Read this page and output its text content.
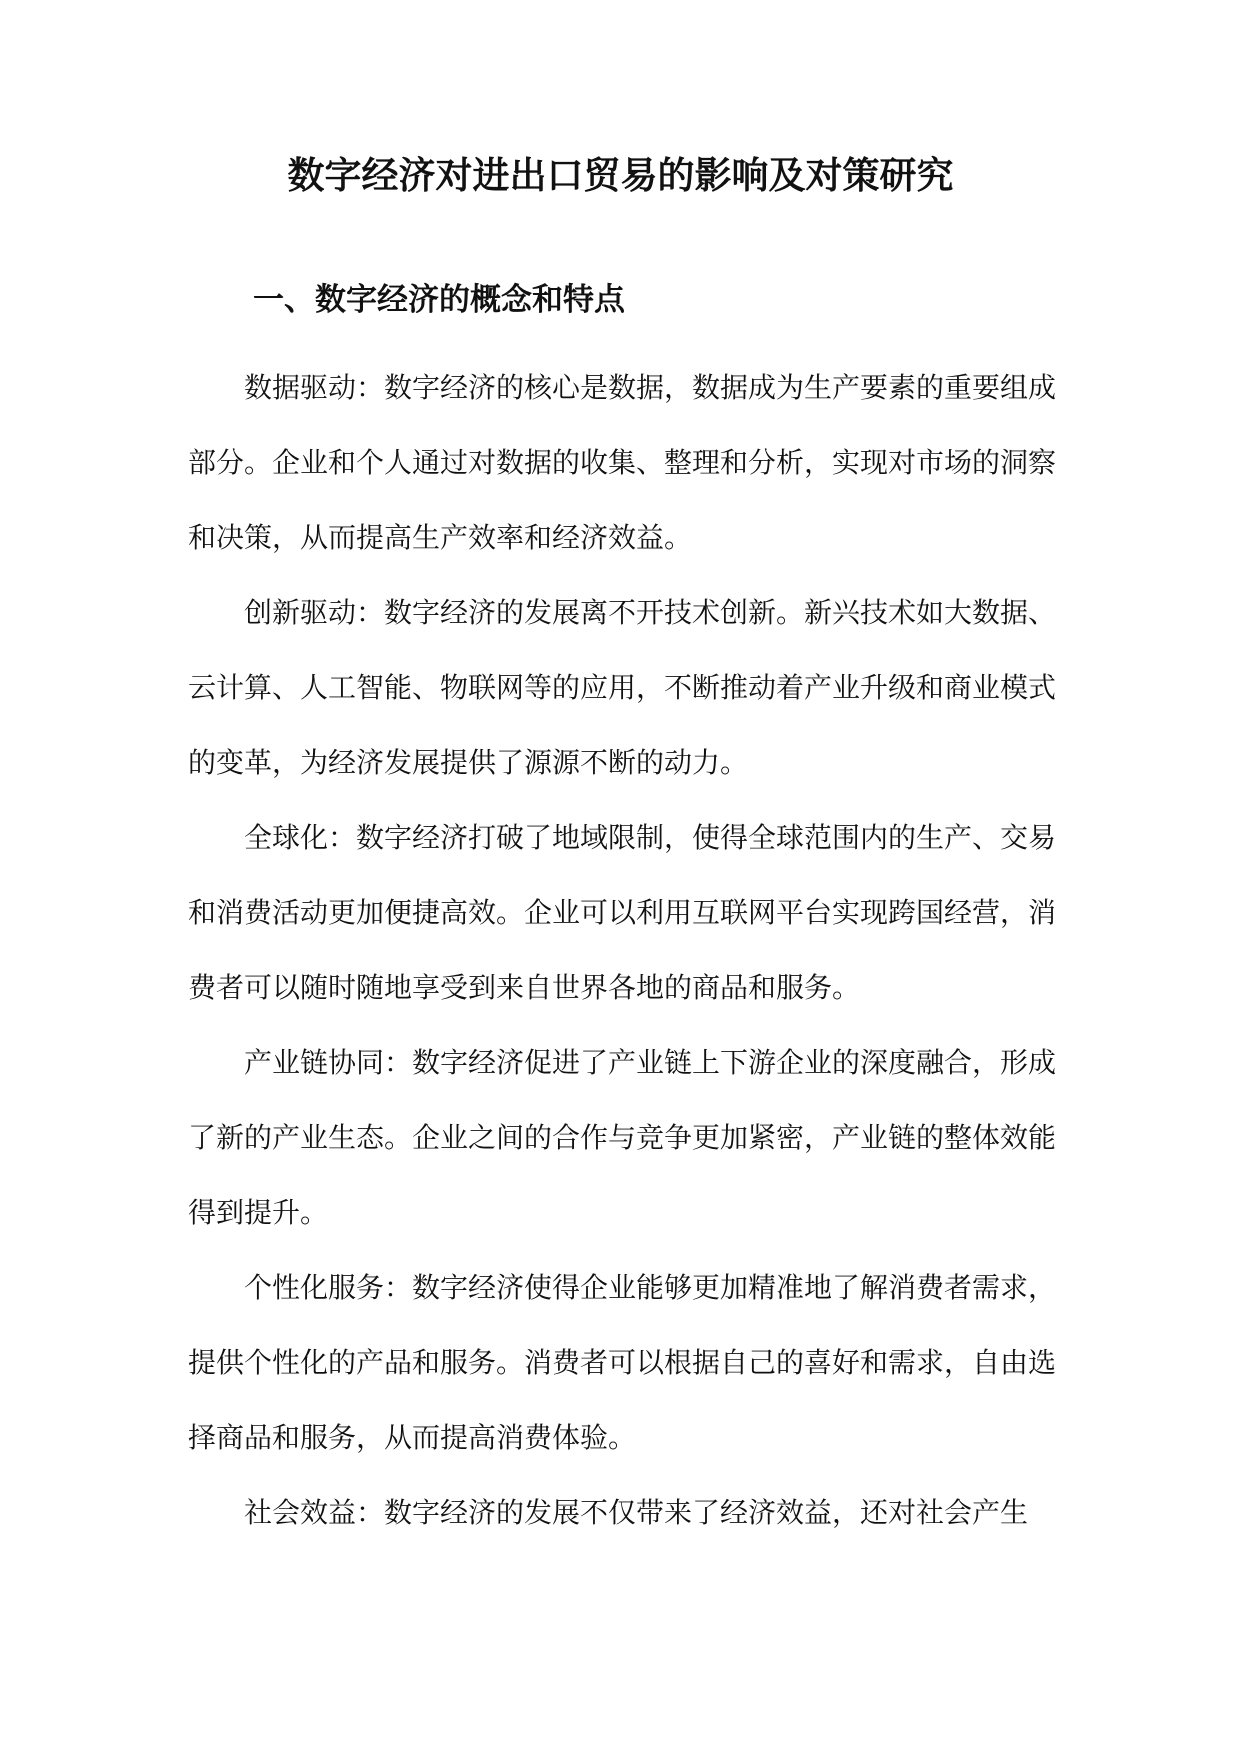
数字经济对进出口贸易的影响及对策研究
一、数字经济的概念和特点

数据驱动：数字经济的核心是数据，数据成为生产要素的重要组成部分。企业和个人通过对数据的收集、整理和分析，实现对市场的洞察和决策，从而提高生产效率和经济效益。

创新驱动：数字经济的发展离不开技术创新。新兴技术如大数据、云计算、人工智能、物联网等的应用，不断推动着产业升级和商业模式的变革，为经济发展提供了源源不断的动力。

全球化：数字经济打破了地域限制，使得全球范围内的生产、交易和消费活动更加便捷高效。企业可以利用互联网平台实现跨国经营，消费者可以随时随地享受到来自世界各地的商品和服务。

产业链协同：数字经济促进了产业链上下游企业的深度融合，形成了新的产业生态。企业之间的合作与竞争更加紧密，产业链的整体效能得到提升。

个性化服务：数字经济使得企业能够更加精准地了解消费者需求，提供个性化的产品和服务。消费者可以根据自己的喜好和需求，自由选择商品和服务，从而提高消费体验。

社会效益：数字经济的发展不仅带来了经济效益，还对社会产生
